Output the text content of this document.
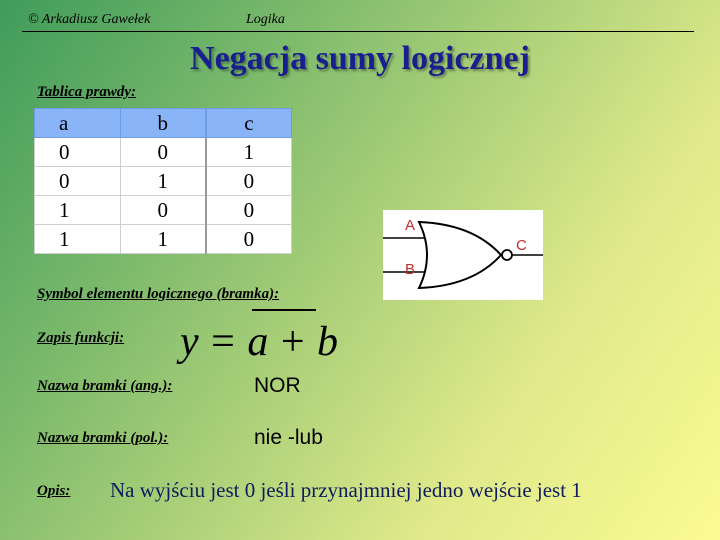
© Arkadiusz Gawełek	Logika
Negacja sumy logicznej
Tablica prawdy:
a	b	c
0	0	1
0	1	0
1	0	0
1	1	0
A
B
C
Symbol elementu logicznego (bramka):
Zapis funkcji: y = a + b
Nazwa bramki (ang.):	NOR
Nazwa bramki (pol.):	nie -lub
Opis: Na wyjściu jest 0 jeśli przynajmniej jedno wejście jest 1
